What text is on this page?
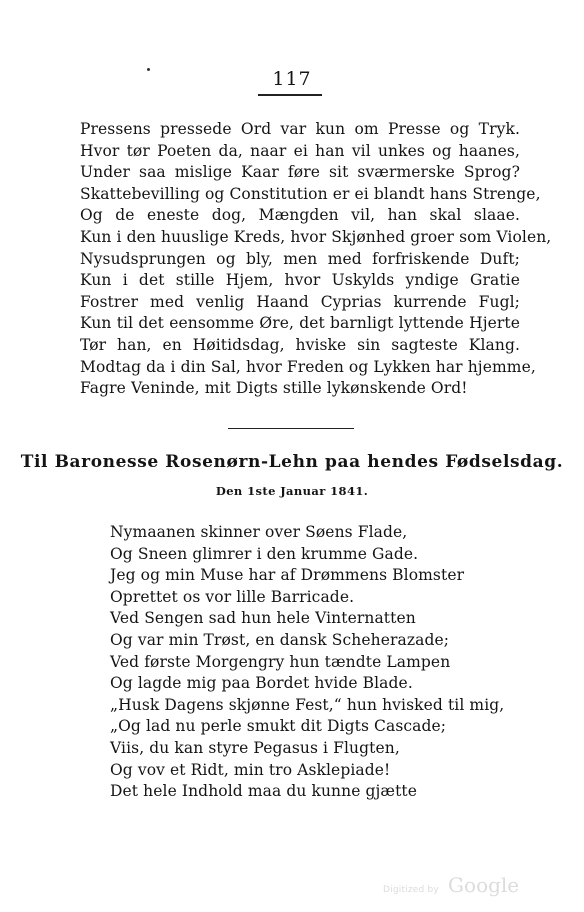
117
Pressens pressede Ord var kun om Presse og Tryk.
Hvor tør Poeten da, naar ei han vil unkes og haanes,
Under saa mislige Kaar føre sit sværmerske Sprog?
Skattebevilling og Constitution er ei blandt hans Strenge,
Og de eneste dog, Mængden vil, han skal slaae.
Kun i den huuslige Kreds, hvor Skjønhed groer som Violen,
Nysudsprungen og bly, men med forfriskende Duft;
Kun i det stille Hjem, hvor Uskylds yndige Gratie
Fostrer med venlig Haand Cyprias kurrende Fugl;
Kun til det eensomme Øre, det barnligt lyttende Hjerte
Tør han, en Høitidsdag, hviske sin sagteste Klang.
Modtag da i din Sal, hvor Freden og Lykken har hjemme,
Fagre Veninde, mit Digts stille lykønskende Ord!
Til Baronesse Rosenørn-Lehn paa hendes Fødselsdag.
Den 1ste Januar 1841.
Nymaanen skinner over Søens Flade,
Og Sneen glimrer i den krumme Gade.
Jeg og min Muse har af Drømmens Blomster
Oprettet os vor lille Barricade.
Ved Sengen sad hun hele Vinternatten
Og var min Trøst, en dansk Scheherazade;
Ved første Morgengry hun tændte Lampen
Og lagde mig paa Bordet hvide Blade.
„Husk Dagens skjønne Fest,“ hun hvisked til mig,
„Og lad nu perle smukt dit Digts Cascade;
Viis, du kan styre Pegasus i Flugten,
Og vov et Ridt, min tro Asklepiade!
Det hele Indhold maa du kunne gjætte
Digitized by Google
